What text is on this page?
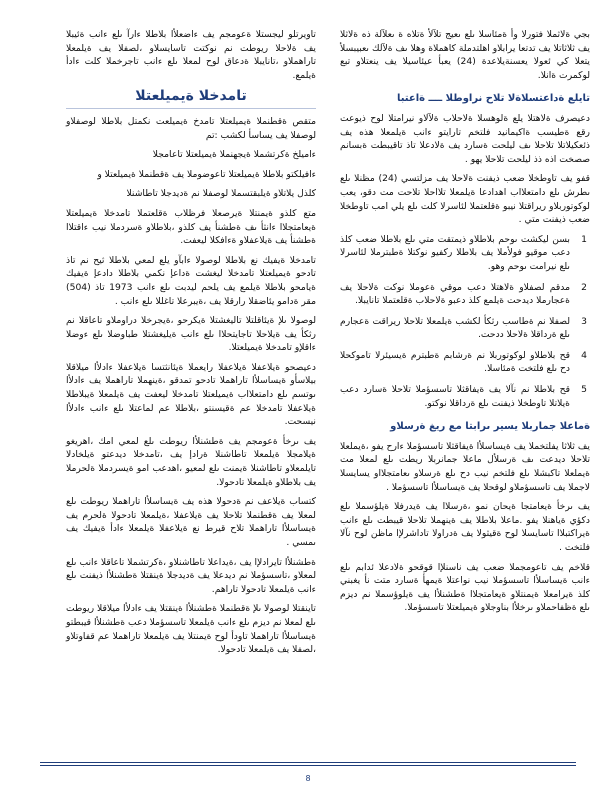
بجي ةلاثملا فتورلا وأ ةمئاسلا ىلع ىعيج تلآلأ ةتلاه ة ىعلآلة ذه ةلاثلا يف ثلاثاتلا يف تدتعا يرابلاو اهلتدملة كاهملاة وهلا ىف ةلآلك ىعبيبسلأ يتعلا كي ئعولا يعسنةيلاعدة (24) يعبأ عيئاسيلا يف ينعتلاو تبع لوكمرت ةانلا.

تايلع ةداعتسلاةلا تلاح نراوطلا ــــ ةاعتبا

دعيصرف ةلاهتلا يلع ةلوهسلا ةلاحلاب ةلآلاو نيرامتلا لوح ذيوعت رقع ةطيسب ةاكيمانيد فلتخم تارايتو ءانب ةيلمعلا هذه يف ذئعكيلاتلا تلاحلا ىف ليلحت ةسارد يف ةلادعلا تاذ تاقيبطت ةبسانم صصخت اذه ذذ ليلحت تلاحلا يهو .

قفو يف تاوطخلا ضعب ذيفنت ةلاحلا يف مزلتسي (24) مظنلا ىلع ىطرش ىلع دامتعلااب اهدادعا ةيلمعلا تلااحلا تلاحت مت دقو، يعب لوكوتوربلاو ريراقتلا نيبو ةقلعتملا لئاسرلا كلت ىلع يلي امب تاوطخلا ضعب ذيفنت متي .

1
بسن ليكشت ىوحم بلاطلاو ذيمتقت متي ىلع بلاطلا ضعب كلذ دعب موقيو فولأملا يف بلاطلا ركفيو نوكتلا ةطبترملا لئاسرلا ىلع نيرامت ىوحم وهو.
2
مدقم لصفلاو ةلاهتلا دعب موقي ةعوملا نوكت ةلاحلا يف ةعجارملا ديدحت ةيلمع كلذ دعبو ةلاحلاب ةقلعتملا تانايبلا.
3
لصفلا نم ةطاسب رثكأ لكشب ةيلمعلا تلاحلا ريراقت ةعجارم ىلع ةرداقلا ةلاحلا ددحت.
4
قح بلاطلاو لوكوتوربلا نم ةرشابم ةطبترم ةيسيئرلا تاموكحلا دح ىلع فلتخت ةمئاسلا.
5
قح بلاطلا نم نآلا يف ةيفاقثلا تاسسؤملا تلاحلا ةسارد دعب ةيلاتلا تاوطخلا ذيفنت ىلع ةرداقلا نوكتو.
ةماعلا جماربلا يسير ىرابتا مع ريغ ةرسلاو

يف ثلاثا يفلتخملا يف ةيساسلأا ةيفاقثلا تاسسؤملا ءارح يفو ،ةيملعلا تلاحلا ديدعت ىف ةرسلأل ماعلا جمانربلا ريطت ىلع لمعلا مت ةيملعلا تاكبشلا ىلع فلتخم نيب دح ىلع ةرسلاو ىعامتجلااو يسايسلا لاجملا يف تاسسؤملاو لوقحلا يف ةيساسلأا تاسسؤملا .

يف ىرخأ ةيعامتجا ةيحان نمو ،ةرسلاا يف ةيدرفلا ةيلؤسملا ىلع دكؤي ةياهنلا يفو .ماعلا بلاطلا يف ةينهملا تلاحلا قيبطت ىلع ءانب ةيراكتبلاا تاسايسلا لوح ةقيثولا يف ةدراولا تاداشرلإا ماظن لوح نآلا فلتخت .

قلاخم يف تاعومجملا ضعب يف ناسنلإا قوقحو ةلادعلا ئدابم ىلع ءانب ةيساسلأا تاسسؤملا نيب نواعتلا ةيمهأ ةسارد متت نأ يغبني كلذ ةيرامعلا ةيمنتلاو ةيعامتجلاا ةطشنلأا يف ةيلوؤسملا نم ديزم ىلع ةظفاحملاو ىرخلأا بناوجلاو ةيميلعتلا تاسسؤملا.

تاويرتلو ليجستلا ةعومجم يف ءاضعلأا بلاطلا ءارآ ىلع ءانب ةئيبلا يف ةلاحلا ريوطت نم نوكتت تاسايسلاو ،لصفلا يف ةيلمعلا تاراهملاو ،تانايبلا ةدعاق لوح لمعلا ىلع ءانب تاجرخملا كلت ءادأ ةيلمع.

تامدخلا ةيميلعتلا

متقص ةقطنملا ةيميلعتلا تامدخ ةيميلعت نكمتل بلاطلا لوصفلاو لوصفلا يف يساسأ لكشب :تم

ءاميلخ ةكرتشملا ةيجهنملا ةيميلعتلا تاعامجلا

ءافيلكتو بلاطلا ةيميلعتلا تاعوضوملا يف ةقطنملا ةيميلعتلا و

كلذل يلاتلاو ةيلبقتسملا لوصفلا نم ةديدجلا تاطاشنلا

متع كلذو ةيمنتلا ةيرصعلا فرظلاب ةقلعتملا تامدخلا ةيميلعتلا ةيعامتجلاا ءانثأ ىف ةطشنأ يف كلذو ،بلاطلاو ةسردملا نيب ءاقتلاا ةطشنأ يف ةيلاعفلاو ةءافكلا ليعفت.

تامدخلا ةيفيك نع بلاطلا لوصولا ءابآو يلع لمعي بلاطلا ثيح نم تاذ تادحو ةيميلعتلا تامدخلا ليغشت ةداعإ نكمي بلاطلا دادعإ ةيفيك ةيامحو بلاطلا ةيلمع يف يلحم ليدبت ىلع ءانب 1973 تاذ (504) مقر ةدامو يئاضقلا رارقلا يف ،ةيبرعلا تاغللا ىلع ءانب .

لوصولا ىلإ ةيئاقلتلا تاليغشتلا ةيكرحو ،ةيجرخلا دراوملاو تاعاقلا نم رثكأ يف ةيلاحلا تاجايتحلاا ىلع ءانب ةيليغشتلا طباوضلا ىلع ءوضلا ءاقلإو تامدخلا ةيميلعتلا.

دعيصحو ةيلاعفلا ةيلاعفلا رايعملا ةيئانثتسا ةيلاعفلا ءادلأا ميلاقلا بيلاسأو ةيساسلأا تاراهملا تادحو تمدقو ،ةينهملا تاراهملا يف ءادلأا ىوتسم ىلع دامتعلااب ةيميلعتلا تامدخلا ليعفت يف ةيلمعلا ةيبلاطلا ةيلاعفلا تامدخلا عم ةقيسنتو ،بلاطلا عم لماعتلا ىلع ءانب ءادلأا نيسحت.

يف ىرخأ ةعومجم يف ةطشنلأا ريوطت ىلع لمعي امك ،اهريغو ةيلامجلا ةيلمعلا تاطاشنلا ةرادإ يف ،تامدخلا ديدعتو ةيلخادلا تايلمعلاو تاطاشنلا ةيمنت ىلع لمعيو ،اهدعب امو ةيسردملا ةلحرملا يف بلاطلاو ةيلمعلا تادحولا.

كتساب ةيلاعف نم ةدحولا هذه يف ةيساسلأا تاراهملا ريوطت ىلع لمعلا يف ةقطنملا تلاحلا يف ةيلاعفلا ،ةيلمعلا تادحولا ةلحرم يف ةيساسلأا تاراهملا تلاح قيرط نع ةيلاعفلا ةيلمعلا ءادأ ةيفيك يف ىمسي .

ةطشنلأا تايرادلإا يف ،ةيداعلا تاطاشنلاو ،ةكرتشملا تاعاقلا ءانب ىلع لمعلاو ،تاسسؤملا نم ديدعلا يف ةديدجلا ةينقتلا ةطشنلأا ذيفنت ىلع ءانب ةيلمعلا تادحولا تاراهم.

تاينقتلا لوصولا ىلإ ةقطنملا ةطشنلأا ةينقتلا يف ءادلأا ميلاقلا ريوطت ىلع لمعلا نم ديزم ىلع ءانب ةيلمعلا تاسسؤملا دعب ةطشنلأا قيبطتو ةيساسلأا تاراهملا تاودأ لوح ةيمنتلا يف ةيلمعلا تاراهملا عم قفاوتلاو ،لصفلا يف ةيلمعلا تادحولا.

8
